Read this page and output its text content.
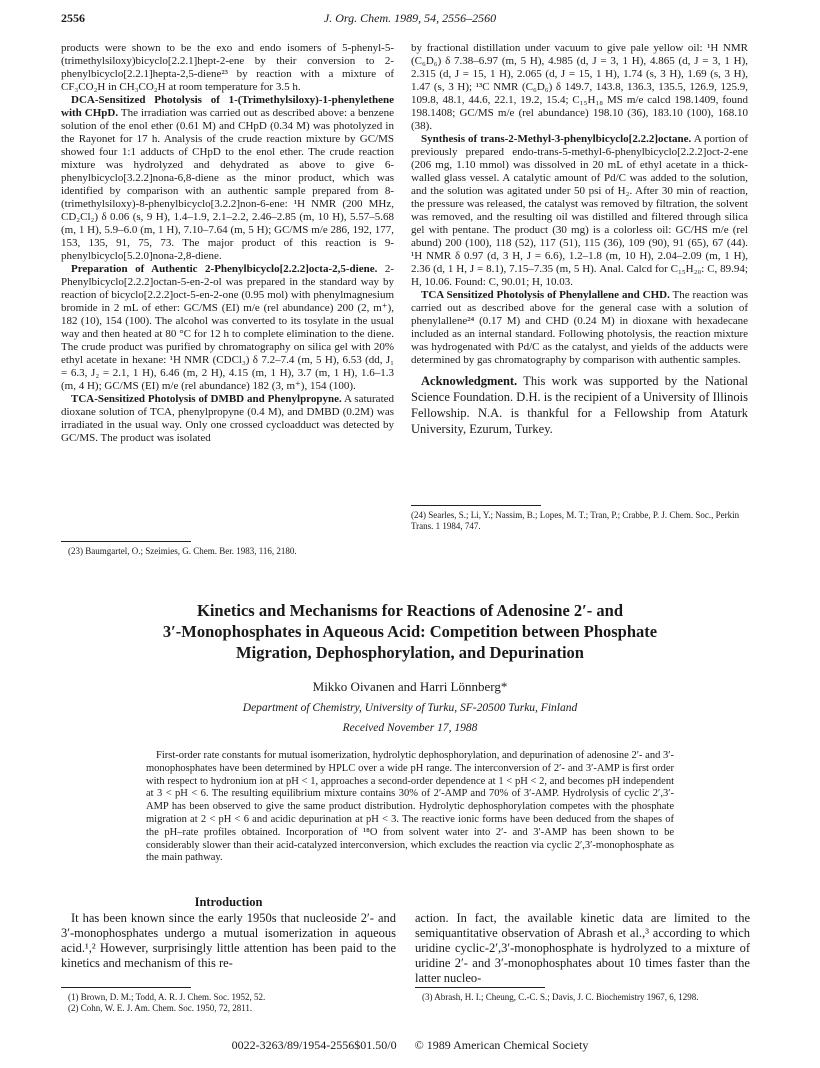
2556	J. Org. Chem. 1989, 54, 2556–2560

products were shown to be the exo and endo isomers of 5-phenyl-5-(trimethylsiloxy)bicyclo[2.2.1]hept-2-ene by their conversion to 2-phenylbicyclo[2.2.1]hepta-2,5-diene²³ by reaction with a mixture of CF₃CO₂H in CH₃CO₂H at room temperature for 3.5 h.

DCA-Sensitized Photolysis of 1-(Trimethylsiloxy)-1-phenylethene with CHpD. The irradiation was carried out as described above: a benzene solution of the enol ether (0.61 M) and CHpD (0.34 M) was photolyzed in the Rayonet for 17 h. Analysis of the crude reaction mixture by GC/MS showed four 1:1 adducts of CHpD to the enol ether. The crude reaction mixture was hydrolyzed and dehydrated as above to give 6-phenylbicyclo[3.2.2]nona-6,8-diene as the minor product, which was identified by comparison with an authentic sample prepared from 8-(trimethylsiloxy)-8-phenylbicyclo[3.2.2]non-6-ene: ¹H NMR (200 MHz, CD₂Cl₂) δ 0.06 (s, 9 H), 1.4–1.9, 2.1–2.2, 2.46–2.85 (m, 10 H), 5.57–5.68 (m, 1 H), 5.9–6.0 (m, 1 H), 7.10–7.64 (m, 5 H); GC/MS m/e 286, 192, 177, 153, 135, 91, 75, 73. The major product of this reaction is 9-phenylbicyclo[5.2.0]nona-2,8-diene.

Preparation of Authentic 2-Phenylbicyclo[2.2.2]octa-2,5-diene. 2-Phenylbicyclo[2.2.2]octan-5-en-2-ol was prepared in the standard way by reaction of bicyclo[2.2.2]oct-5-en-2-one (0.95 mol) with phenylmagnesium bromide in 2 mL of ether: GC/MS (EI) m/e (rel abundance) 200 (2, m⁺), 182 (10), 154 (100). The alcohol was converted to its tosylate in the usual way and then heated at 80 °C for 12 h to complete elimination to the diene. The crude product was purified by chromatography on silica gel with 20% ethyl acetate in hexane: ¹H NMR (CDCl₃) δ 7.2–7.4 (m, 5 H), 6.53 (dd, J₁ = 6.3, J₂ = 2.1, 1 H), 6.46 (m, 2 H), 4.15 (m, 1 H), 3.7 (m, 1 H), 1.6–1.3 (m, 4 H); GC/MS (EI) m/e (rel abundance) 182 (3, m⁺), 154 (100).

TCA-Sensitized Photolysis of DMBD and Phenylpropyne. A saturated dioxane solution of TCA, phenylpropyne (0.4 M), and DMBD (0.2M) was irradiated in the usual way. Only one crossed cycloadduct was detected by GC/MS. The product was isolated

by fractional distillation under vacuum to give pale yellow oil: ¹H NMR (C₆D₆) δ 7.38–6.97 (m, 5 H), 4.985 (d, J = 3, 1 H), 4.865 (d, J = 3, 1 H), 2.315 (d, J = 15, 1 H), 2.065 (d, J = 15, 1 H), 1.74 (s, 3 H), 1.69 (s, 3 H), 1.47 (s, 3 H); ¹³C NMR (C₆D₆) δ 149.7, 143.8, 136.3, 135.5, 126.9, 125.9, 109.8, 48.1, 44.6, 22.1, 19.2, 15.4; C₁₅H₁₈ MS m/e calcd 198.1409, found 198.1408; GC/MS m/e (rel abundance) 198.10 (36), 183.10 (100), 168.10 (38).

Synthesis of trans-2-Methyl-3-phenylbicyclo[2.2.2]octane. A portion of previously prepared endo-trans-5-methyl-6-phenylbicyclo[2.2.2]oct-2-ene (206 mg, 1.10 mmol) was dissolved in 20 mL of ethyl acetate in a thick-walled glass vessel. A catalytic amount of Pd/C was added to the solution, and the solution was agitated under 50 psi of H₂. After 30 min of reaction, the pressure was released, the catalyst was removed by filtration, the solvent was removed, and the resulting oil was distilled and filtered through silica gel with pentane. The product (30 mg) is a colorless oil: GC/HS m/e (rel abund) 200 (100), 118 (52), 117 (51), 115 (36), 109 (90), 91 (65), 67 (44). ¹H NMR δ 0.97 (d, 3 H, J = 6.6), 1.2–1.8 (m, 10 H), 2.04–2.09 (m, 1 H), 2.36 (d, 1 H, J = 8.1), 7.15–7.35 (m, 5 H). Anal. Calcd for C₁₅H₂₀: C, 89.94; H, 10.06. Found: C, 90.01; H, 10.03.

TCA Sensitized Photolysis of Phenylallene and CHD. The reaction was carried out as described above for the general case with a solution of phenylallene²⁴ (0.17 M) and CHD (0.24 M) in dioxane with hexadecane included as an internal standard. Following photolysis, the reaction mixture was hydrogenated with Pd/C as the catalyst, and yields of the adducts were determined by gas chromatography by comparison with authentic samples.

Acknowledgment. This work was supported by the National Science Foundation. D.H. is the recipient of a University of Illinois Fellowship. N.A. is thankful for a Fellowship from Ataturk University, Ezurum, Turkey.

(23) Baumgartel, O.; Szeimies, G. Chem. Ber. 1983, 116, 2180.
(24) Searles, S.; Li, Y.; Nassim, B.; Lopes, M. T.; Tran, P.; Crabbe, P. J. Chem. Soc., Perkin Trans. 1 1984, 747.
Kinetics and Mechanisms for Reactions of Adenosine 2′- and
3′-Monophosphates in Aqueous Acid: Competition between Phosphate
Migration, Dephosphorylation, and Depurination
Mikko Oivanen and Harri Lönnberg*
Department of Chemistry, University of Turku, SF-20500 Turku, Finland
Received November 17, 1988
First-order rate constants for mutual isomerization, hydrolytic dephosphorylation, and depurination of adenosine 2′- and 3′-monophosphates have been determined by HPLC over a wide pH range. The interconversion of 2′- and 3′-AMP is first order with respect to hydronium ion at pH < 1, approaches a second-order dependence at 1 < pH < 2, and becomes pH independent at 3 < pH < 6. The resulting equilibrium mixture contains 30% of 2′-AMP and 70% of 3′-AMP. Hydrolysis of cyclic 2′,3′-AMP has been observed to give the same product distribution. Hydrolytic dephosphorylation competes with the phosphate migration at 2 < pH < 6 and acidic depurination at pH < 3. The reactive ionic forms have been deduced from the shapes of the pH–rate profiles obtained. Incorporation of ¹⁸O from solvent water into 2′- and 3′-AMP has been shown to be considerably slower than their acid-catalyzed interconversion, which excludes the reaction via cyclic 2′,3′-monophosphate as the main pathway.
Introduction

It has been known since the early 1950s that nucleoside 2′- and 3′-monophosphates undergo a mutual isomerization in aqueous acid.¹,² However, surprisingly little attention has been paid to the kinetics and mechanism of this re-

action. In fact, the available kinetic data are limited to the semiquantitative observation of Abrash et al.,³ according to which uridine cyclic-2′,3′-monophosphate is hydrolyzed to a mixture of uridine 2′- and 3′-monophosphates about 10 times faster than the latter nucleo-

(1) Brown, D. M.; Todd, A. R. J. Chem. Soc. 1952, 52.
(2) Cohn, W. E. J. Am. Chem. Soc. 1950, 72, 2811.
(3) Abrash, H. I.; Cheung, C.-C. S.; Davis, J. C. Biochemistry 1967, 6, 1298.
0022-3263/89/1954-2556$01.50/0 © 1989 American Chemical Society
